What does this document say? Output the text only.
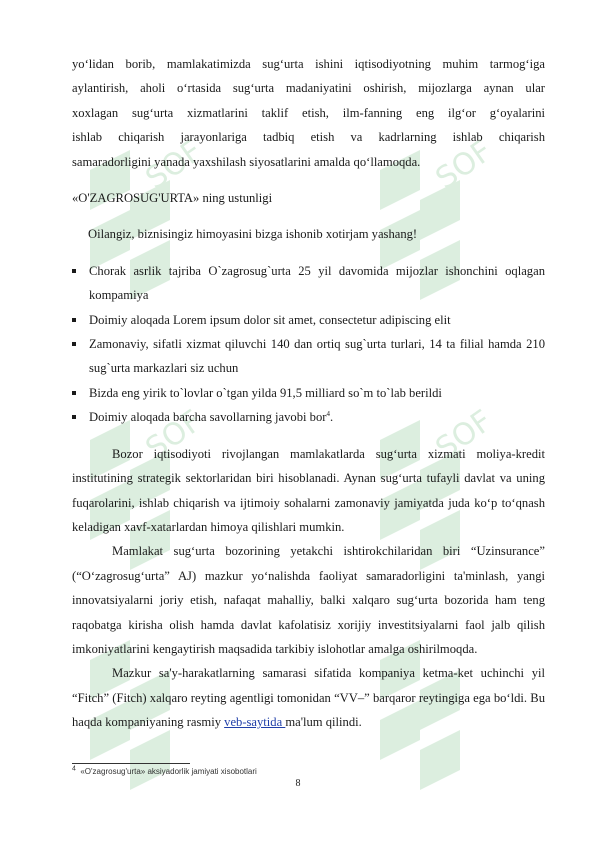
SOF	SOF
SOF	SOF

yo‘lidan borib, mamlakatimizda sug‘urta ishini iqtisodiyotning muhim tarmog‘iga

aylantirish, aholi o‘rtasida sug‘urta madaniyatini oshirish, mijozlarga aynan ular

xoxlagan sug‘urta xizmatlarini taklif etish, ilm-fanning eng ilg‘or g‘oyalarini

ishlab chiqarish jarayonlariga tadbiq etish va kadrlarning ishlab chiqarish

samaradorligini yanada yaxshilash siyosatlarini amalda qo‘llamoqda.

«O'ZAGROSUG'URTA» ning ustunligi

Oilangiz, biznisingiz himoyasini bizga ishonib xotirjam yashang!

Chorak asrlik tajriba O`zagrosug`urta 25 yil davomida mijozlar ishonchini oqlagan kompamiya
Doimiy aloqada Lorem ipsum dolor sit amet, consectetur adipiscing elit
Zamonaviy, sifatli xizmat qiluvchi 140 dan ortiq sug`urta turlari, 14 ta filial hamda 210 sug`urta markazlari siz uchun
Bizda eng yirik to`lovlar o`tgan yilda 91,5 milliard so`m to`lab berildi
Doimiy aloqada barcha savollarning javobi bor$^4$.

Bozor iqtisodiyoti rivojlangan mamlakatlarda sug‘urta xizmati moliya-kredit institutining strategik sektorlaridan biri hisoblanadi. Aynan sug‘urta tufayli davlat va uning fuqarolarini, ishlab chiqarish va ijtimoiy sohalarni zamonaviy jamiyatda juda ko‘p to‘qnash keladigan xavf-xatarlardan himoya qilishlari mumkin.

Mamlakat sug‘urta bozorining yetakchi ishtirokchilaridan biri “Uzinsurance” (“O‘zagrosug‘urta” AJ) mazkur yo‘nalishda faoliyat samaradorligini ta'minlash, yangi innovatsiyalarni joriy etish, nafaqat mahalliy, balki xalqaro sug‘urta bozorida ham teng raqobatga kirisha olish hamda davlat kafolatisiz xorijiy investitsiyalarni faol jalb qilish imkoniyatlarini kengaytirish maqsadida tarkibiy islohotlar amalga oshirilmoqda.

Mazkur sa'y-harakatlarning samarasi sifatida kompaniya ketma-ket uchinchi yil “Fitch” (Fitch) xalqaro reyting agentligi tomonidan “VV–” barqaror reytingiga ega bo‘ldi. Bu haqda kompaniyaning rasmiy veb-saytida ma'lum qilindi.

$^4$ «O'zagrosug'urta» aksiyadorlik jamiyati xisobotlari
8
